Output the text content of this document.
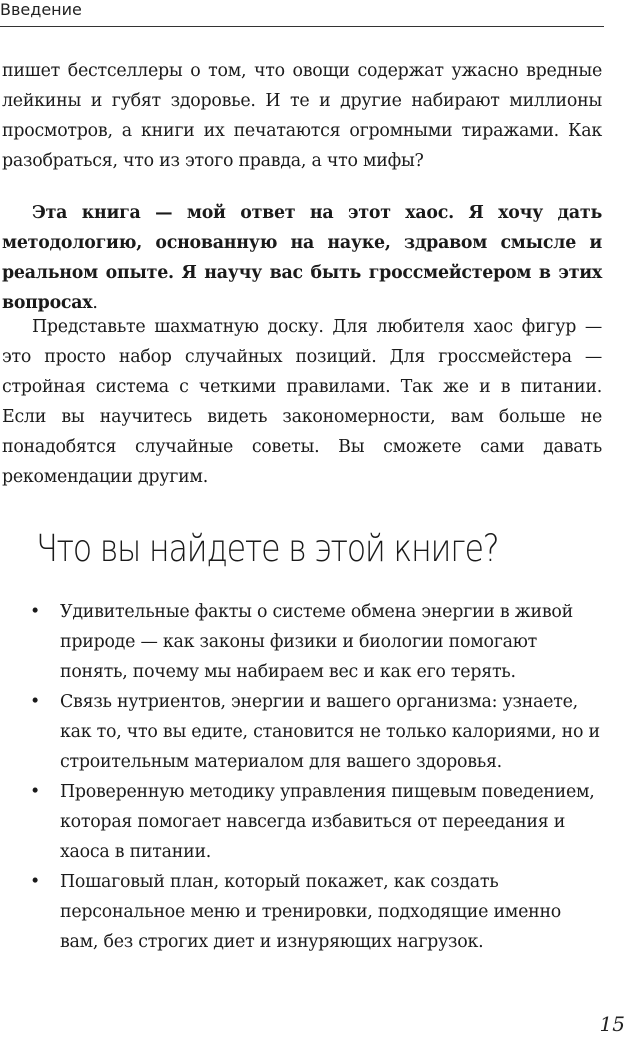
Введение

пишет бестселлеры о том, что овощи содержат ужасно вредные лейкины и губят здоровье. И те и другие набирают миллионы просмотров, а книги их печатаются огромными тиражами. Как разобраться, что из этого правда, а что мифы?

Эта книга — мой ответ на этот хаос. Я хочу дать методологию, основанную на науке, здравом смысле и реальном опыте. Я научу вас быть гроссмейстером в этих вопросах.

Представьте шахматную доску. Для любителя хаос фигур — это просто набор случайных позиций. Для гроссмейстера — стройная система с четкими правилами. Так же и в питании. Если вы научитесь видеть закономерности, вам больше не понадобятся случайные советы. Вы сможете сами давать рекомендации другим.

Что вы найдете в этой книге?
• Удивительные факты о системе обмена энергии в живой природе — как законы физики и биологии помогают понять, почему мы набираем вес и как его терять.
• Связь нутриентов, энергии и вашего организма: узнаете, как то, что вы едите, становится не только калориями, но и строительным материалом для вашего здоровья.
• Проверенную методику управления пищевым поведением, которая помогает навсегда избавиться от переедания и хаоса в питании.
• Пошаговый план, который покажет, как создать персональное меню и тренировки, подходящие именно вам, без строгих диет и изнуряющих нагрузок.
15
